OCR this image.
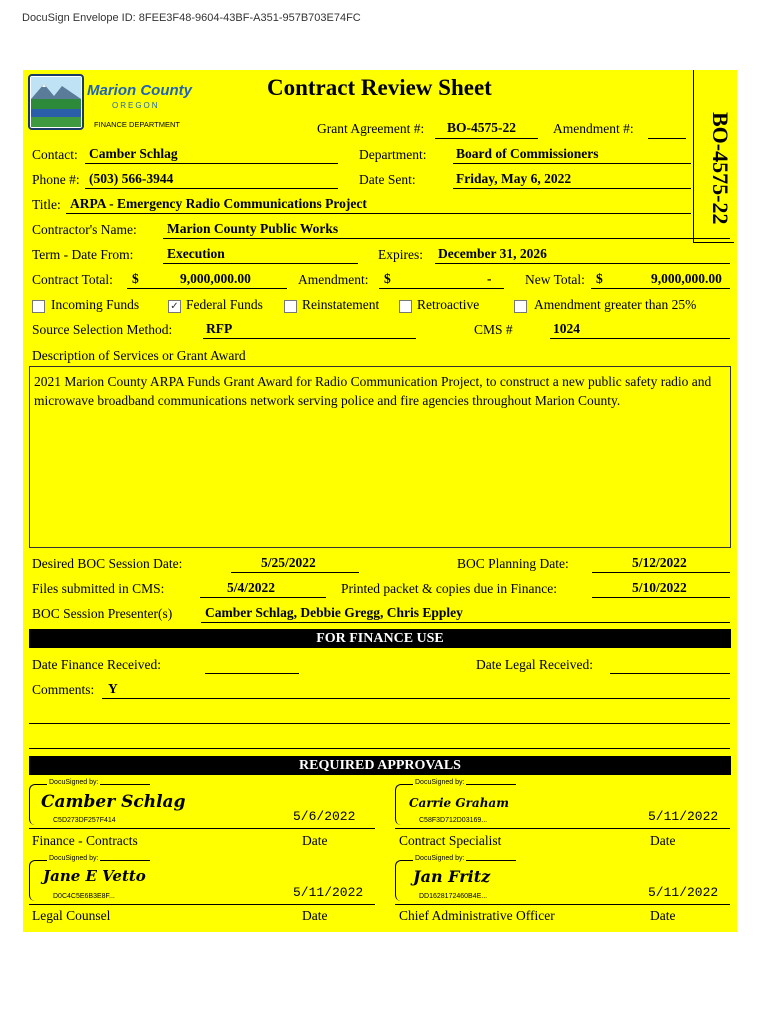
DocuSign Envelope ID: 8FEE3F48-9604-43BF-A351-957B703E74FC
Marion County
OREGON
FINANCE DEPARTMENT
Contract Review Sheet
BO-4575-22
Grant Agreement #: BO-4575-22	Amendment #:
Contact: Camber Schlag	Department: Board of Commissioners
Phone #: (503) 566-3944	Date Sent:	Friday, May 6, 2022
Title: ARPA - Emergency Radio Communications Project
Contractor's Name: Marion County Public Works
Term - Date From: Execution	Expires: December 31, 2026
Contract Total: $	9,000,000.00	Amendment: $	- New Total: $	9,000,000.00
Incoming Funds	✓ Federal Funds	Reinstatement	Retroactive	Amendment greater than 25%
Source Selection Method:	RFP	CMS #	1024
Description of Services or Grant Award
2021 Marion County ARPA Funds Grant Award for Radio Communication Project, to construct a new public safety radio and microwave broadband communications network serving police and fire agencies throughout Marion County.
Desired BOC Session Date:	5/25/2022	BOC Planning Date:	5/12/2022
Files submitted in CMS:	5/4/2022	Printed packet & copies due in Finance:	5/10/2022
BOC Session Presenter(s) Camber Schlag, Debbie Gregg, Chris Eppley
FOR FINANCE USE
Date Finance Received:	Date Legal Received:
Comments: Y
REQUIRED APPROVALS
DocuSigned by:
Camber Schlag
C5D273DF257F414	5/6/2022
Finance - Contracts	Date
DocuSigned by:
Carrie Graham
C58F3D712D03169...	5/11/2022
Contract Specialist	Date
DocuSigned by:
Jane E Vetto
D0C4C5E6B3E8F...	5/11/2022
Legal Counsel	Date
DocuSigned by:
Jan Fritz
DD1628172460B4E...	5/11/2022
Chief Administrative Officer	Date
